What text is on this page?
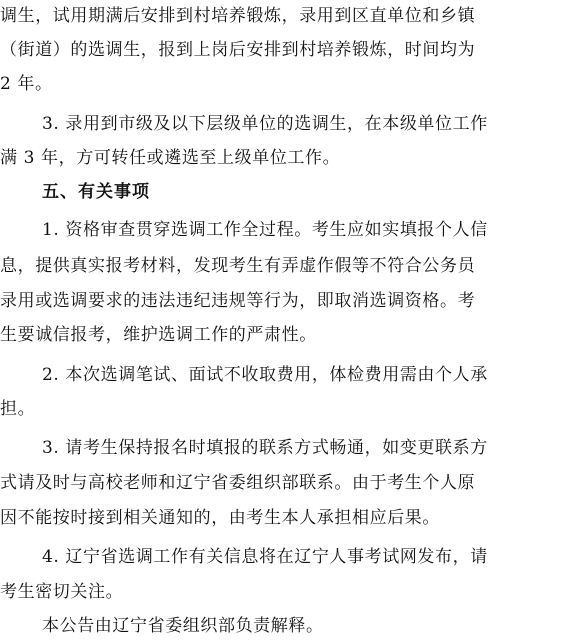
调生，试用期满后安排到村培养锻炼，录用到区直单位和乡镇
（街道）的选调生，报到上岗后安排到村培养锻炼，时间均为
2 年。
3. 录用到市级及以下层级单位的选调生，在本级单位工作
满 3 年，方可转任或遴选至上级单位工作。
五、有关事项
1. 资格审查贯穿选调工作全过程。考生应如实填报个人信
息，提供真实报考材料，发现考生有弄虚作假等不符合公务员
录用或选调要求的违法违纪违规等行为，即取消选调资格。考
生要诚信报考，维护选调工作的严肃性。
2. 本次选调笔试、面试不收取费用，体检费用需由个人承
担。
3. 请考生保持报名时填报的联系方式畅通，如变更联系方
式请及时与高校老师和辽宁省委组织部联系。由于考生个人原
因不能按时接到相关通知的，由考生本人承担相应后果。
4. 辽宁省选调工作有关信息将在辽宁人事考试网发布，请
考生密切关注。
本公告由辽宁省委组织部负责解释。
